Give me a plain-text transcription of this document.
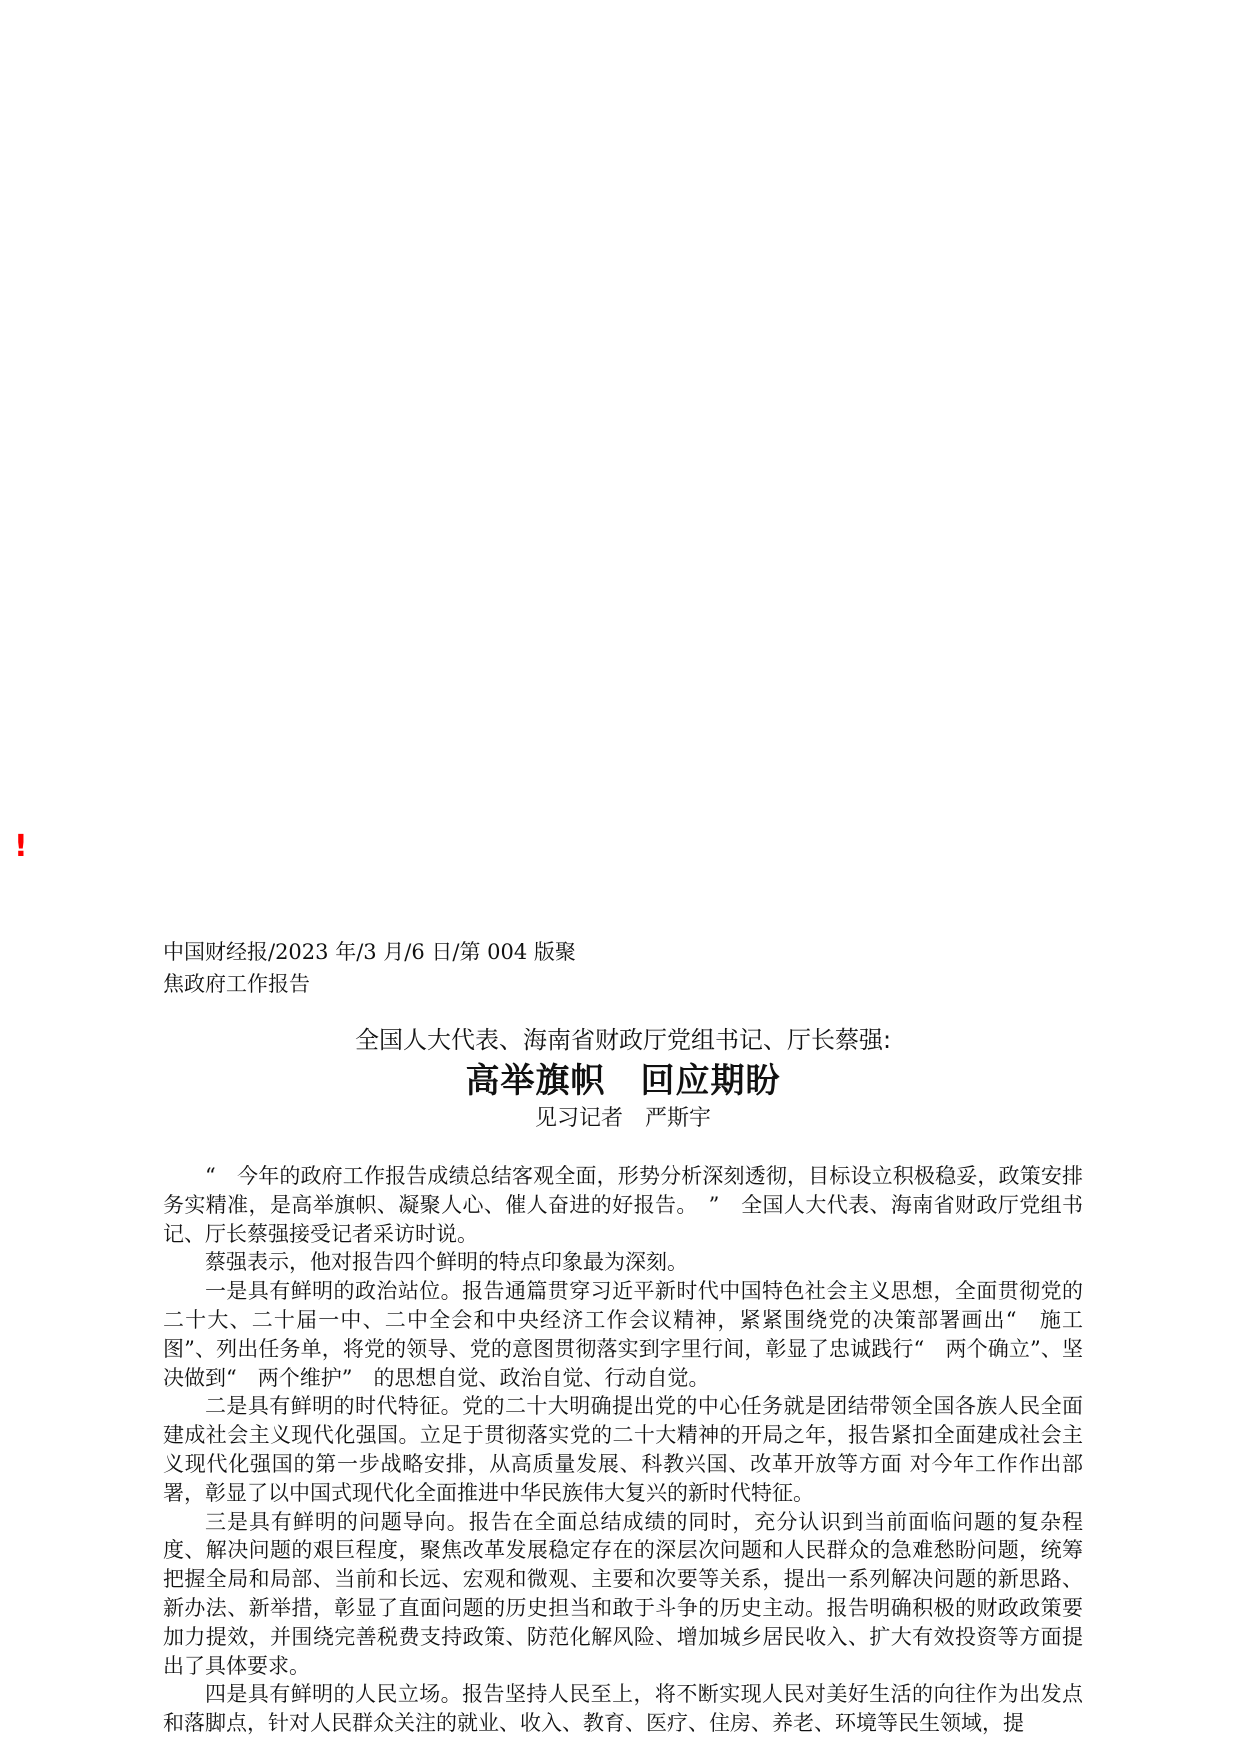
!
中国财经报/2023 年/3 月/6 日/第 004 版聚焦政府工作报告
全国人大代表、海南省财政厅党组书记、厅长蔡强:
高举旗帜　回应期盼
见习记者　严斯宇

“　今年的政府工作报告成绩总结客观全面，形势分析深刻透彻，目标设立积极稳妥，政策安排务实精准，是高举旗帜、凝聚人心、催人奋进的好报告。　”　全国人大代表、海南省财政厅党组书记、厅长蔡强接受记者采访时说。

蔡强表示，他对报告四个鲜明的特点印象最为深刻。

一是具有鲜明的政治站位。报告通篇贯穿习近平新时代中国特色社会主义思想，全面贯彻党的二十大、二十届一中、二中全会和中央经济工作会议精神，紧紧围绕党的决策部署画出“　施工图”、列出任务单，将党的领导、党的意图贯彻落实到字里行间，彰显了忠诚践行“　两个确立”、坚决做到“　两个维护”　的思想自觉、政治自觉、行动自觉。

二是具有鲜明的时代特征。党的二十大明确提出党的中心任务就是团结带领全国各族人民全面建成社会主义现代化强国。立足于贯彻落实党的二十大精神的开局之年，报告紧扣全面建成社会主义现代化强国的第一步战略安排，从高质量发展、科教兴国、改革开放等方面 对今年工作作出部署，彰显了以中国式现代化全面推进中华民族伟大复兴的新时代特征。

三是具有鲜明的问题导向。报告在全面总结成绩的同时，充分认识到当前面临问题的复杂程度、解决问题的艰巨程度，聚焦改革发展稳定存在的深层次问题和人民群众的急难愁盼问题，统筹把握全局和局部、当前和长远、宏观和微观、主要和次要等关系，提出一系列解决问题的新思路、新办法、新举措，彰显了直面问题的历史担当和敢于斗争的历史主动。报告明确积极的财政政策要加力提效，并围绕完善税费支持政策、防范化解风险、增加城乡居民收入、扩大有效投资等方面提出了具体要求。

四是具有鲜明的人民立场。报告坚持人民至上，将不断实现人民对美好生活的向往作为出发点和落脚点，针对人民群众关注的就业、收入、教育、医疗、住房、养老、环境等民生领域，提
